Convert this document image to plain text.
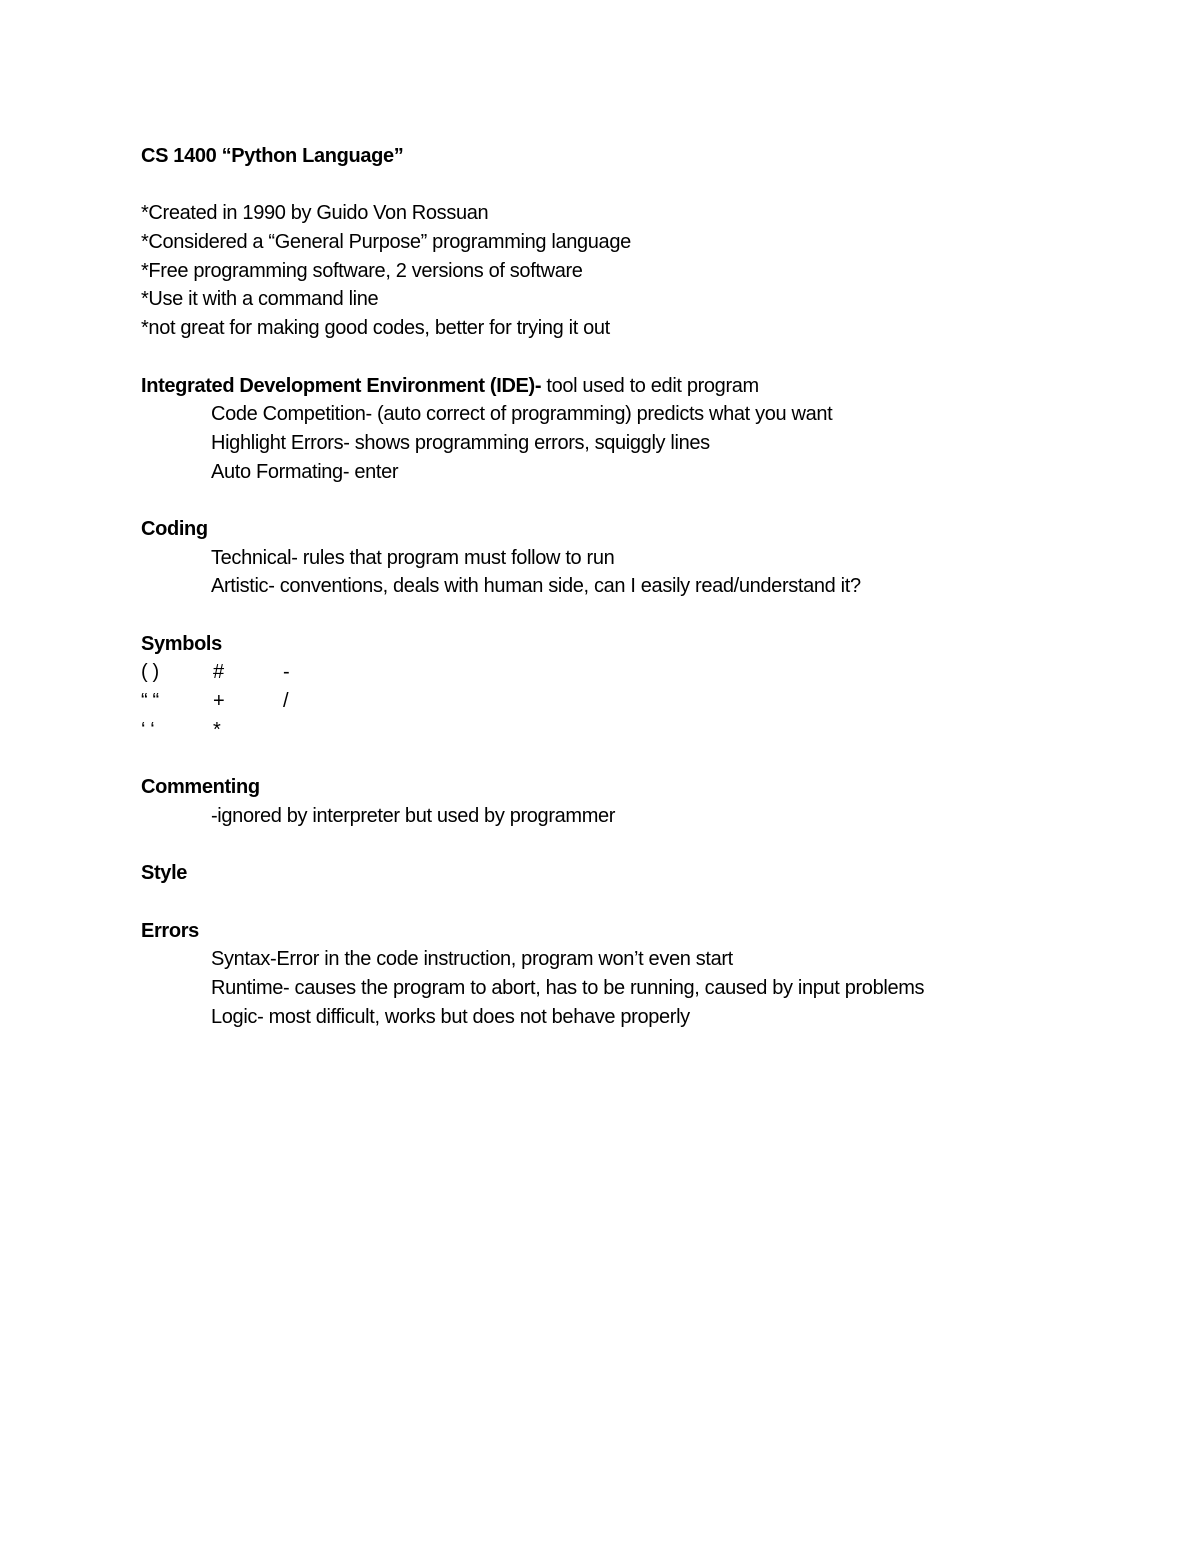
CS 1400 “Python Language”
*Created in 1990 by Guido Von Rossuan
*Considered a “General Purpose” programming language
*Free programming software, 2 versions of software
*Use it with a command line
*not great for making good codes, better for trying it out
Integrated Development Environment (IDE)- tool used to edit program
Code Competition- (auto correct of programming) predicts what you want
Highlight Errors- shows programming errors, squiggly lines
Auto Formating- enter
Coding
Technical- rules that program must follow to run
Artistic- conventions, deals with human side, can I easily read/understand it?
Symbols
( )	#	-
“ “	+	/
‘ ‘	*
Commenting
-ignored by interpreter but used by programmer
Style
Errors
Syntax-Error in the code instruction, program won’t even start
Runtime- causes the program to abort, has to be running, caused by input problems
Logic- most difficult, works but does not behave properly
